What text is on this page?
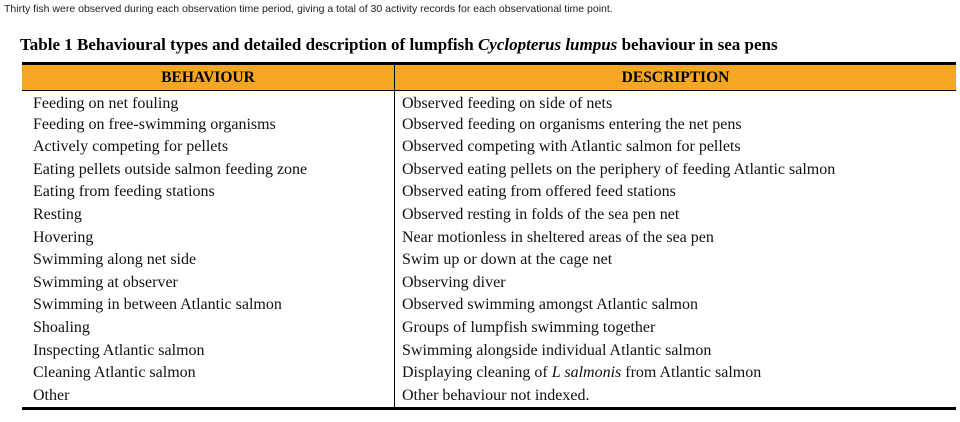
Thirty fish were observed during each observation time period, giving a total of 30 activity records for each observational time point.
Table 1 Behavioural types and detailed description of lumpfish Cyclopterus lumpus behaviour in sea pens
BEHAVIOUR	DESCRIPTION
Feeding on net fouling	Observed feeding on side of nets
Feeding on free-swimming organisms	Observed feeding on organisms entering the net pens
Actively competing for pellets	Observed competing with Atlantic salmon for pellets
Eating pellets outside salmon feeding zone	Observed eating pellets on the periphery of feeding Atlantic salmon
Eating from feeding stations	Observed eating from offered feed stations
Resting	Observed resting in folds of the sea pen net
Hovering	Near motionless in sheltered areas of the sea pen
Swimming along net side	Swim up or down at the cage net
Swimming at observer	Observing diver
Swimming in between Atlantic salmon	Observed swimming amongst Atlantic salmon
Shoaling	Groups of lumpfish swimming together
Inspecting Atlantic salmon	Swimming alongside individual Atlantic salmon
Cleaning Atlantic salmon	Displaying cleaning of L salmonis from Atlantic salmon
Other	Other behaviour not indexed.
